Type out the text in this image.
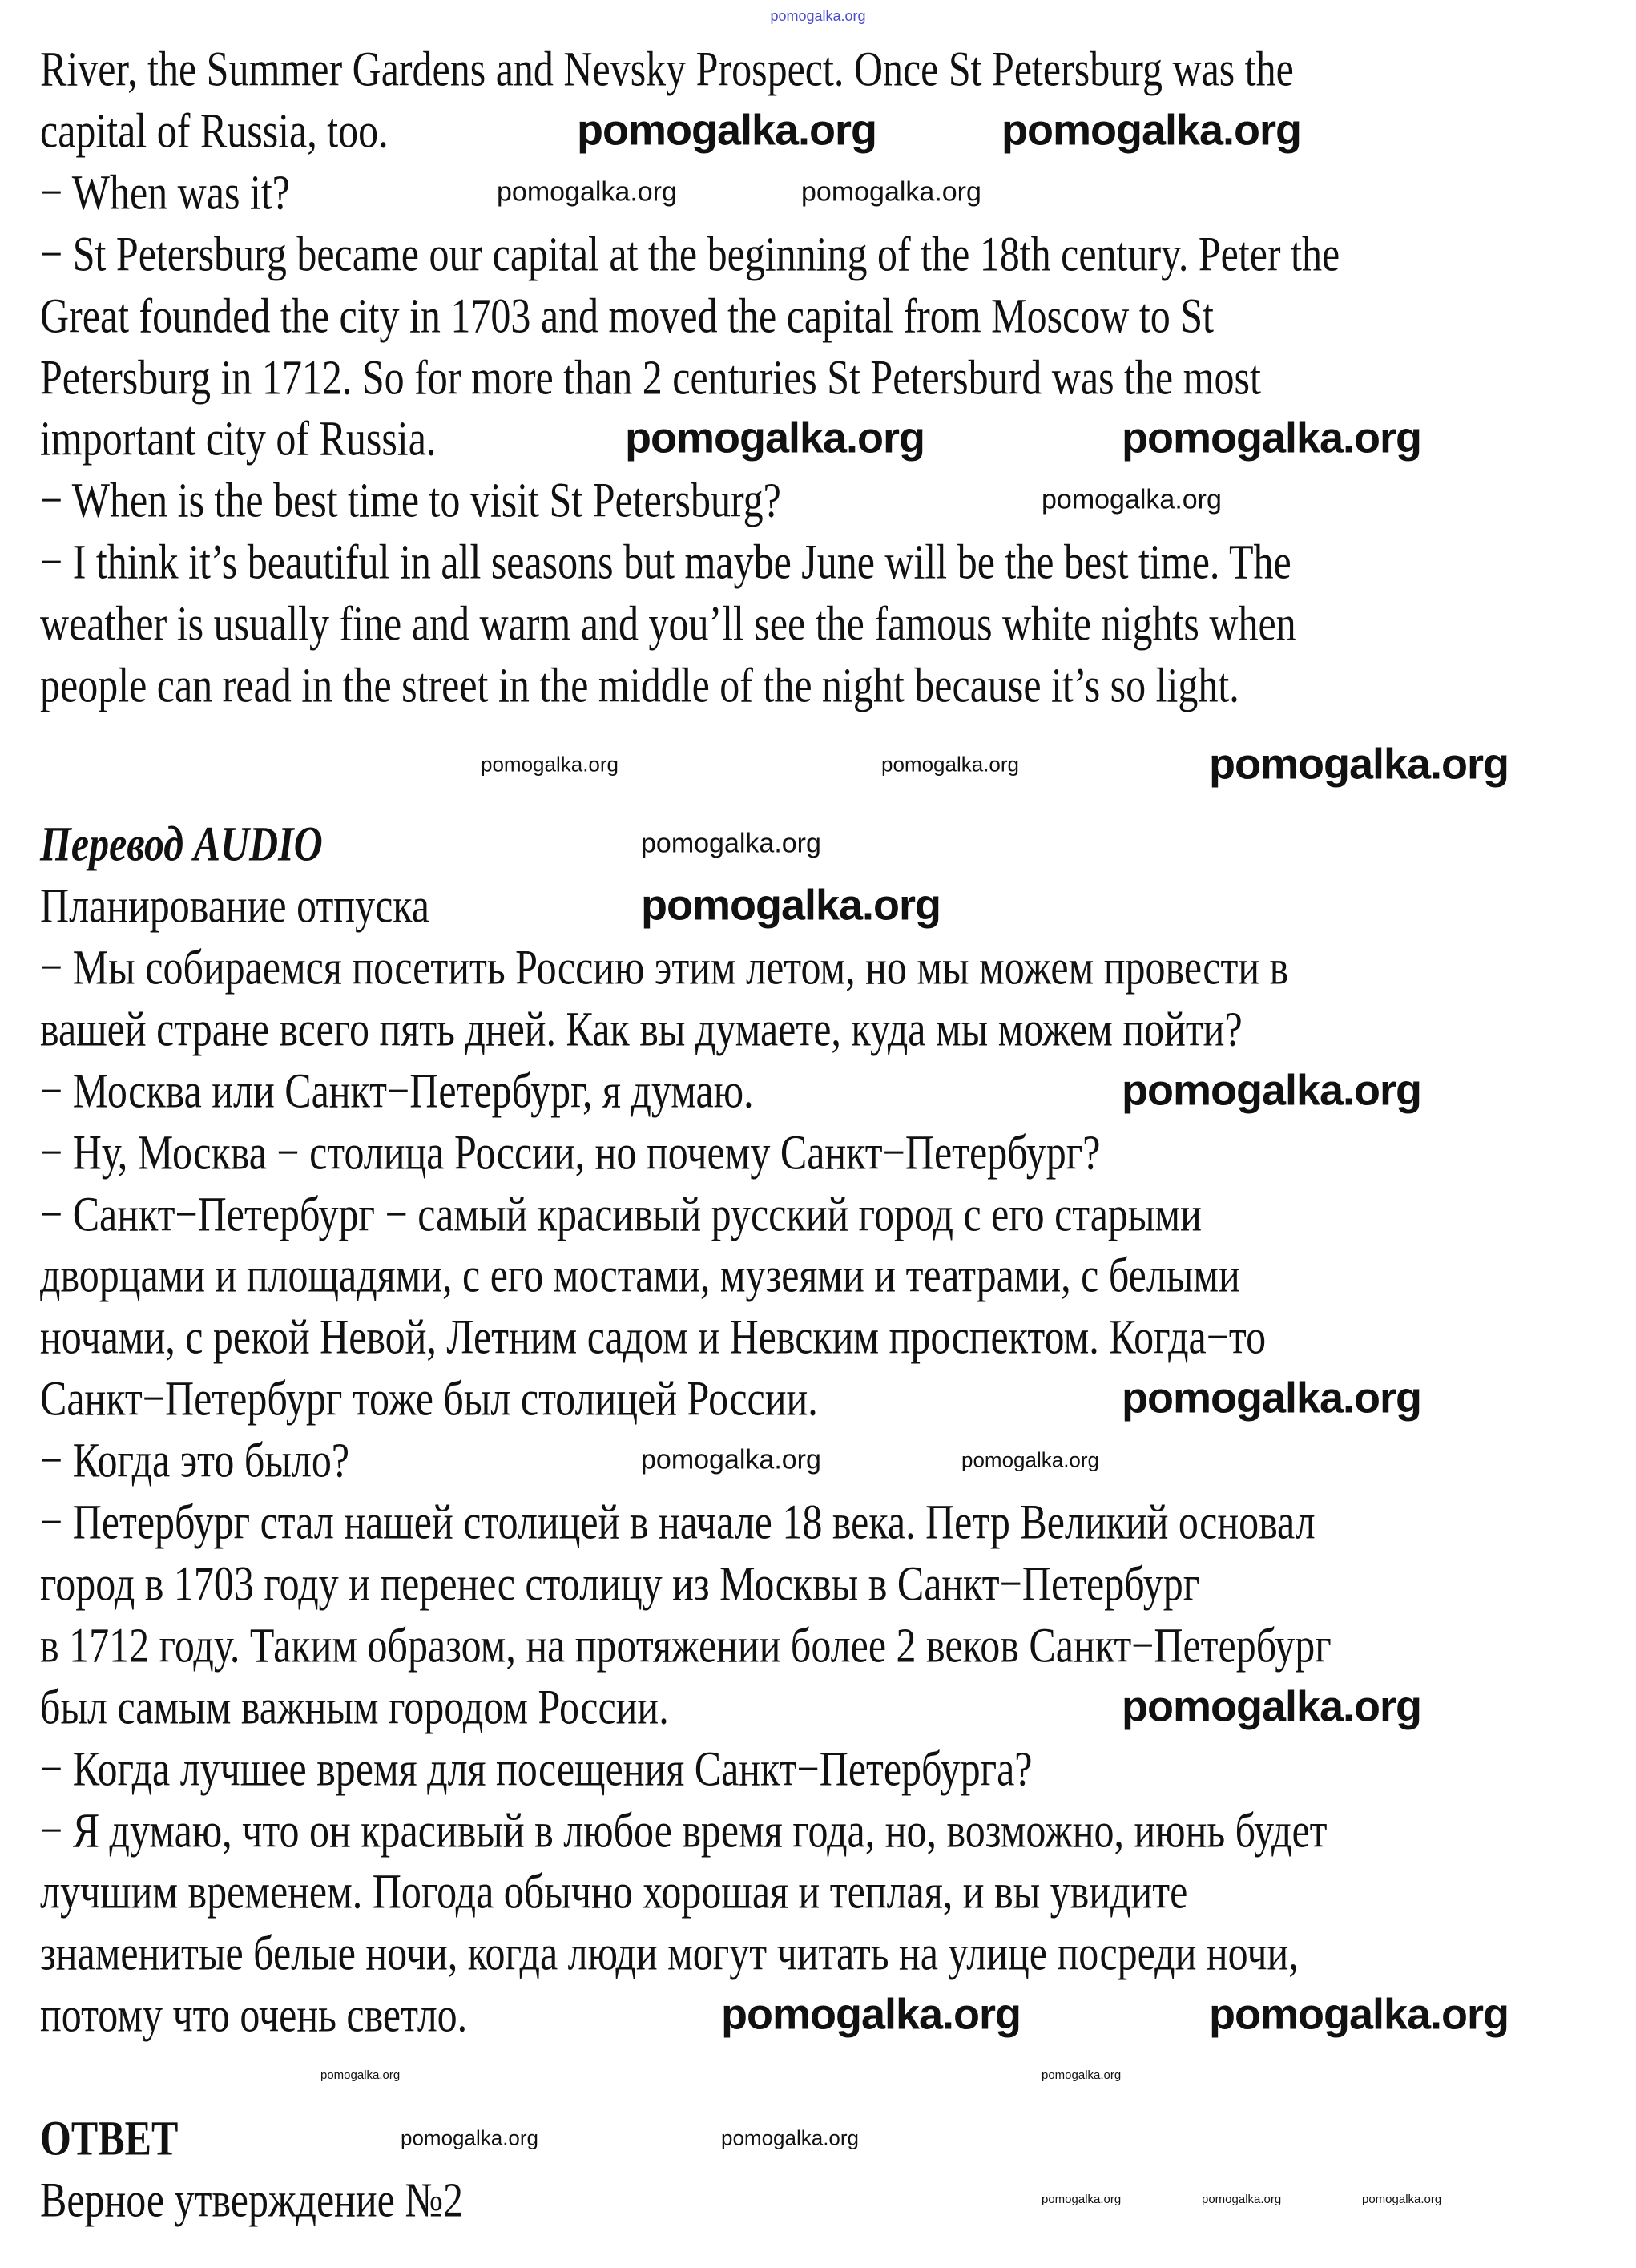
River, the Summer Gardens and Nevsky Prospect. Once St Petersburg was the
capital of Russia, too.
− When was it?
− St Petersburg became our capital at the beginning of the 18th century. Peter the
Great founded the city in 1703 and moved the capital from Moscow to St
Petersburg in 1712. So for more than 2 centuries St Petersburd was the most
important city of Russia.
− When is the best time to visit St Petersburg?
− I think it’s beautiful in all seasons but maybe June will be the best time. The
weather is usually fine and warm and you’ll see the famous white nights when
people can read in the street in the middle of the night because it’s so light.
Перевод AUDIO
Планирование отпуска
− Мы собираемся посетить Россию этим летом, но мы можем провести в
вашей стране всего пять дней. Как вы думаете, куда мы можем пойти?
− Москва или Санкт−Петербург, я думаю.
− Ну, Москва − столица России, но почему Санкт−Петербург?
− Санкт−Петербург − самый красивый русский город с его старыми
дворцами и площадями, с его мостами, музеями и театрами, с белыми
ночами, с рекой Невой, Летним садом и Невским проспектом. Когда−то
Санкт−Петербург тоже был столицей России.
− Когда это было?
− Петербург стал нашей столицей в начале 18 века. Петр Великий основал
город в 1703 году и перенес столицу из Москвы в Санкт−Петербург
в 1712 году. Таким образом, на протяжении более 2 веков Санкт−Петербург
был самым важным городом России.
− Когда лучшее время для посещения Санкт−Петербурга?
− Я думаю, что он красивый в любое время года, но, возможно, июнь будет
лучшим временем. Погода обычно хорошая и теплая, и вы увидите
знаменитые белые ночи, когда люди могут читать на улице посреди ночи,
потому что очень светло.
ОТВЕТ
Верное утверждение №2
pomogalka.org
pomogalka.org	pomogalka.org
pomogalka.org	pomogalka.org
pomogalka.org
pomogalka.org
pomogalka.org
pomogalka.org
pomogalka.org
pomogalka.org	pomogalka.org
pomogalka.org	pomogalka.org
pomogalka.org
pomogalka.org
pomogalka.org
pomogalka.org	pomogalka.org
pomogalka.org
pomogalka.org	pomogalka.org
pomogalka.org	pomogalka.org	pomogalka.org
pomogalka.org	pomogalka.org
